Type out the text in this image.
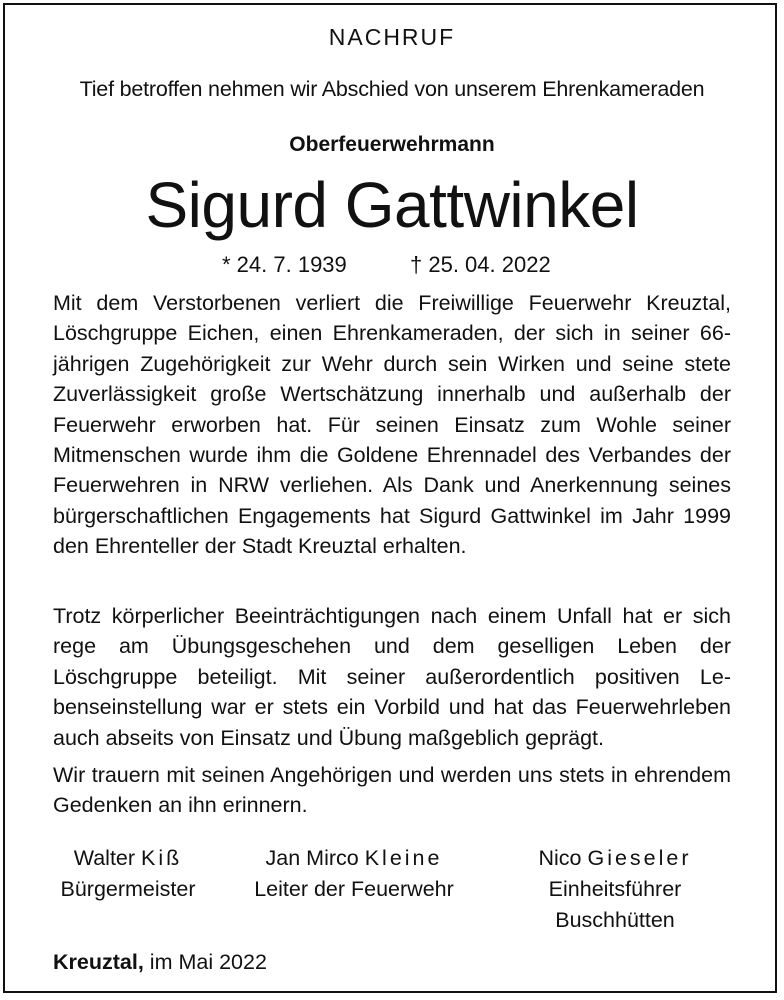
NACHRUF
Tief betroffen nehmen wir Abschied von unserem Ehrenkameraden
Oberfeuerwehrmann
Sigurd Gattwinkel
* 24. 7. 1939	† 25. 04. 2022

Mit dem Verstorbenen verliert die Freiwillige Feuerwehr Kreuztal, Löschgruppe Eichen, einen Ehrenkameraden, der sich in seiner 66-jährigen Zugehörigkeit zur Wehr durch sein Wirken und seine stete Zuverlässigkeit große Wertschätzung innerhalb und außerhalb der Feuerwehr erworben hat. Für seinen Einsatz zum Wohle seiner Mitmenschen wurde ihm die Goldene Ehrennadel des Verbandes der Feuerwehren in NRW verliehen. Als Dank und Anerkennung seines bürgerschaftlichen Engagements hat Sigurd Gattwinkel im Jahr 1999 den Ehrenteller der Stadt Kreuztal erhalten.

Trotz körperlicher Beeinträchtigungen nach einem Unfall hat er sich rege am Übungsgeschehen und dem geselligen Leben der Löschgruppe beteiligt. Mit seiner außerordentlich positiven Lebenseinstellung war er stets ein Vorbild und hat das Feuerwehrleben auch abseits von Einsatz und Übung maßgeblich geprägt.

Wir trauern mit seinen Angehörigen und werden uns stets in ehrendem Gedenken an ihn erinnern.

Walter Kiß
Bürgermeister
Jan Mirco Kleine
Leiter der Feuerwehr
Nico Gieseler
Einheitsführer
Buschhütten
Kreuztal, im Mai 2022
